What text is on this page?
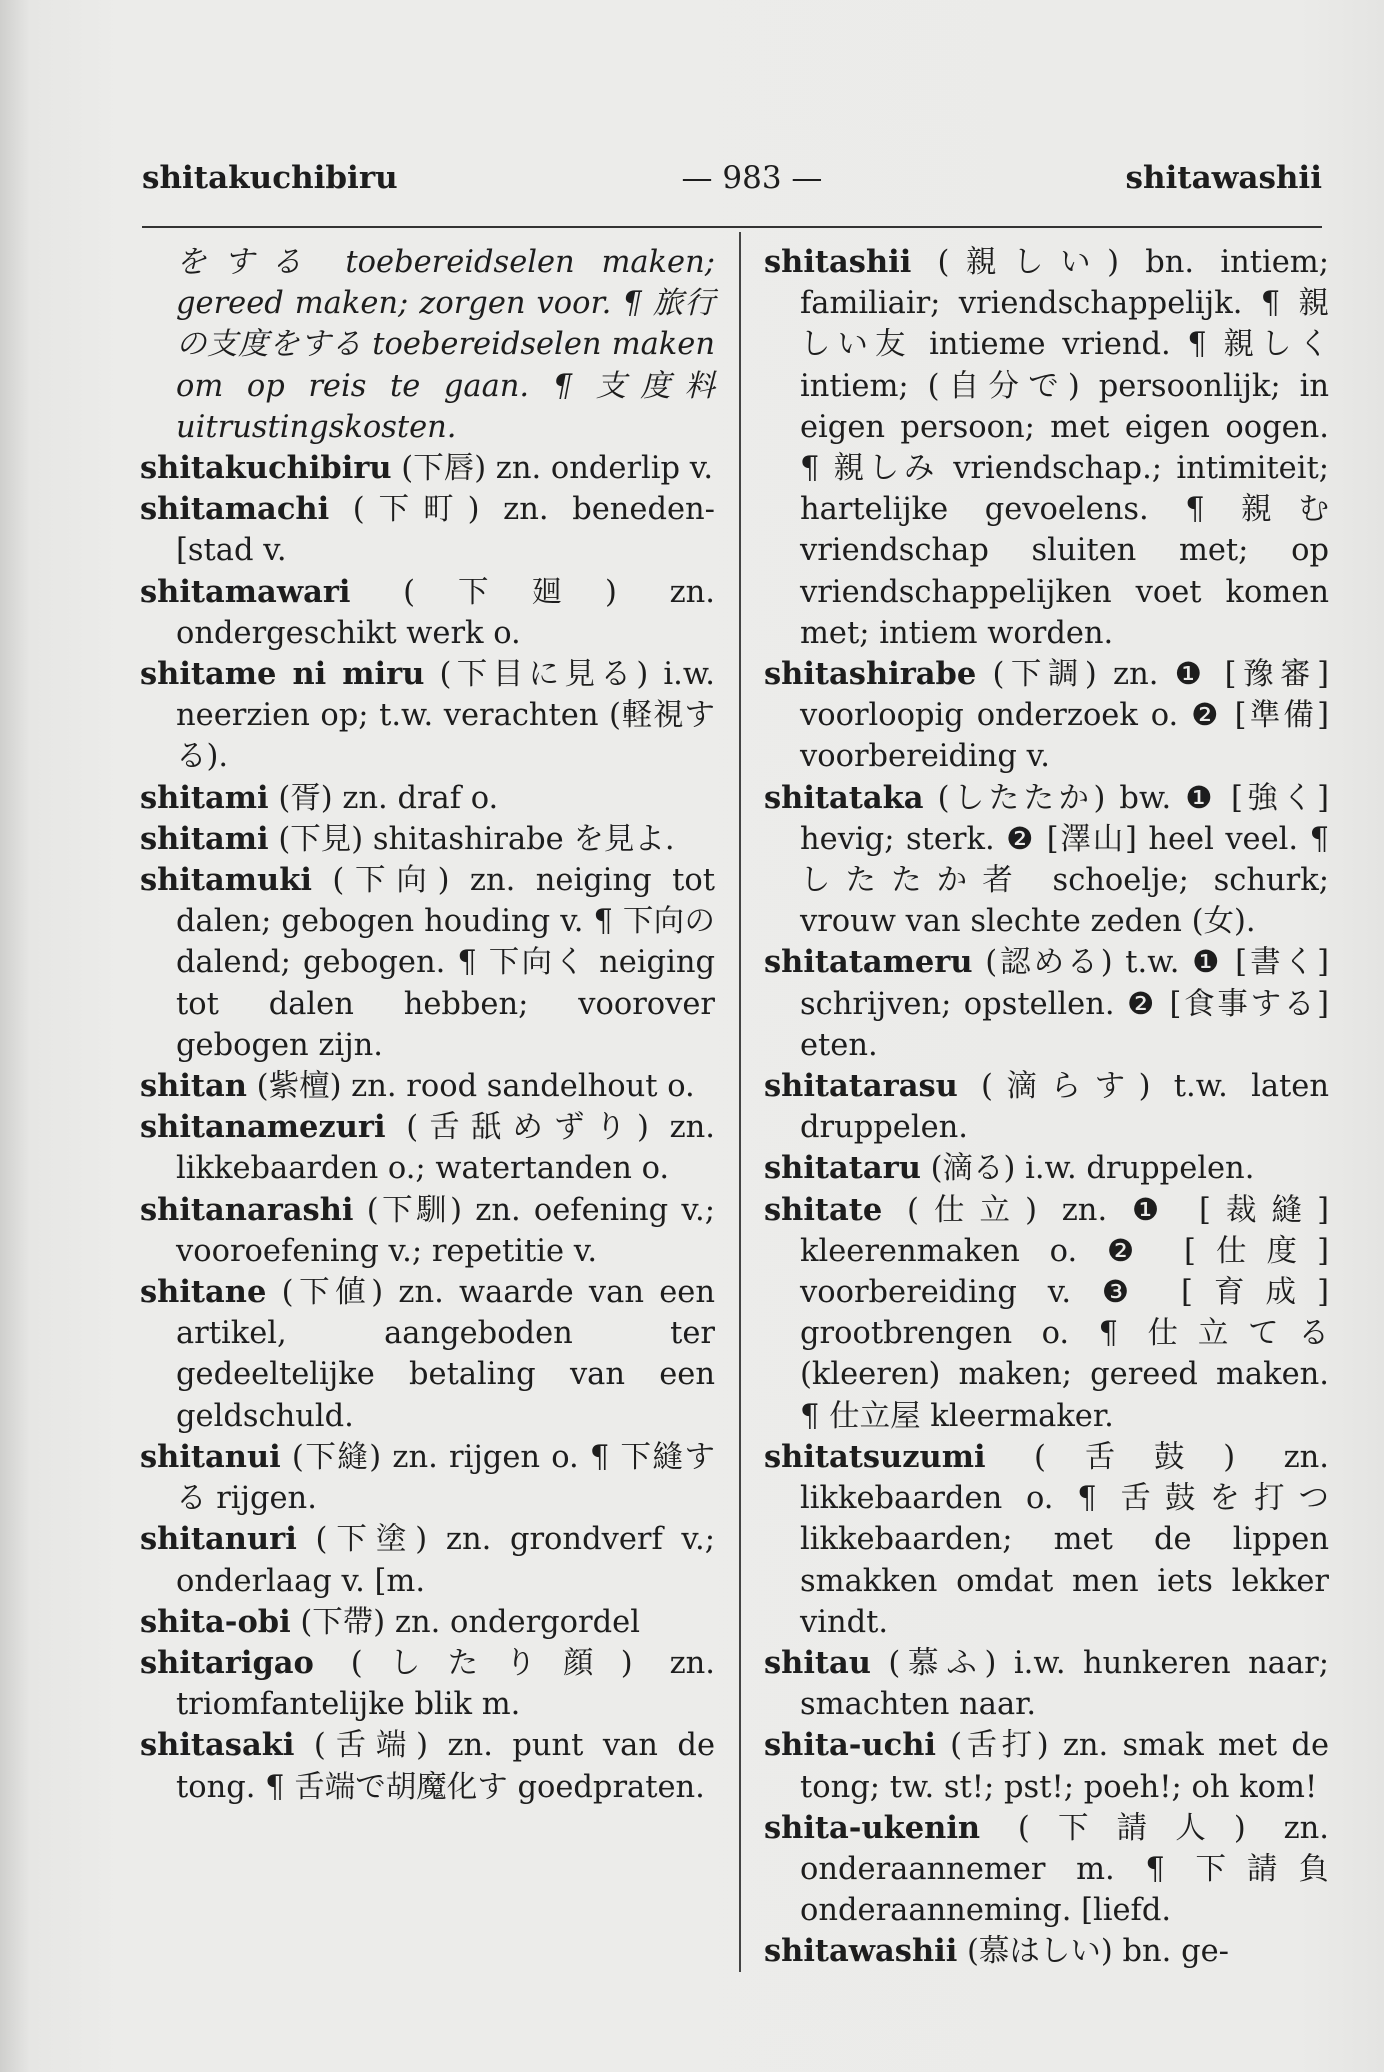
shitakuchibiru	— 983 —	shitawashii

をする toebereidselen maken; gereed maken; zorgen voor. ¶ 旅行の支度をする toebereidselen maken om op reis te gaan. ¶ 支度料 uitrustingskosten.

shitakuchibiru (下唇) zn. onderlip v.

shitamachi (下町) zn. beneden- [stad v.

shitamawari (下廻) zn. ondergeschikt werk o.

shitame ni miru (下目に見る) i.w. neerzien op; t.w. verachten (軽視する).

shitami (胥) zn. draf o.

shitami (下見) shitashirabe を見よ.

shitamuki (下向) zn. neiging tot dalen; gebogen houding v. ¶ 下向の dalend; gebogen. ¶ 下向く neiging tot dalen hebben; voorover gebogen zijn.

shitan (紫檀) zn. rood sandelhout o.

shitanamezuri (舌舐めずり) zn. likkebaarden o.; watertanden o.

shitanarashi (下馴) zn. oefening v.; vooroefening v.; repetitie v.

shitane (下値) zn. waarde van een artikel, aangeboden ter gedeeltelijke betaling van een geldschuld.

shitanui (下縫) zn. rijgen o. ¶ 下縫する rijgen.

shitanuri (下塗) zn. grondverf v.; onderlaag v. [m.

shita-obi (下帶) zn. ondergordel

shitarigao (したり顔) zn. triomfantelijke blik m.

shitasaki (舌端) zn. punt van de tong. ¶ 舌端で胡魔化す goedpraten.

shitashii (親しい) bn. intiem; familiair; vriendschappelijk. ¶ 親しい友 intieme vriend. ¶ 親しく intiem; (自分で) persoonlijk; in eigen persoon; met eigen oogen. ¶ 親しみ vriendschap.; intimiteit; hartelijke gevoelens. ¶ 親む vriendschap sluiten met; op vriendschappelijken voet komen met; intiem worden.

shitashirabe (下調) zn. ❶ [豫審] voorloopig onderzoek o. ❷ [準備] voorbereiding v.

shitataka (したたか) bw. ❶ [強く] hevig; sterk. ❷ [澤山] heel veel. ¶ したたか者 schoelje; schurk; vrouw van slechte zeden (女).

shitatameru (認める) t.w. ❶ [書く] schrijven; opstellen. ❷ [食事する] eten.

shitatarasu (滴らす) t.w. laten druppelen.

shitataru (滴る) i.w. druppelen.

shitate (仕立) zn. ❶ [裁縫] kleerenmaken o. ❷ [仕度] voorbereiding v. ❸ [育成] grootbrengen o. ¶ 仕立てる (kleeren) maken; gereed maken. ¶ 仕立屋 kleermaker.

shitatsuzumi (舌鼓) zn. likkebaarden o. ¶ 舌鼓を打つ likkebaarden; met de lippen smakken omdat men iets lekker vindt.

shitau (慕ふ) i.w. hunkeren naar; smachten naar.

shita-uchi (舌打) zn. smak met de tong; tw. st!; pst!; poeh!; oh kom!

shita-ukenin (下請人) zn. onderaannemer m. ¶ 下請負 onderaanneming. [liefd.

shitawashii (慕はしい) bn. ge-
